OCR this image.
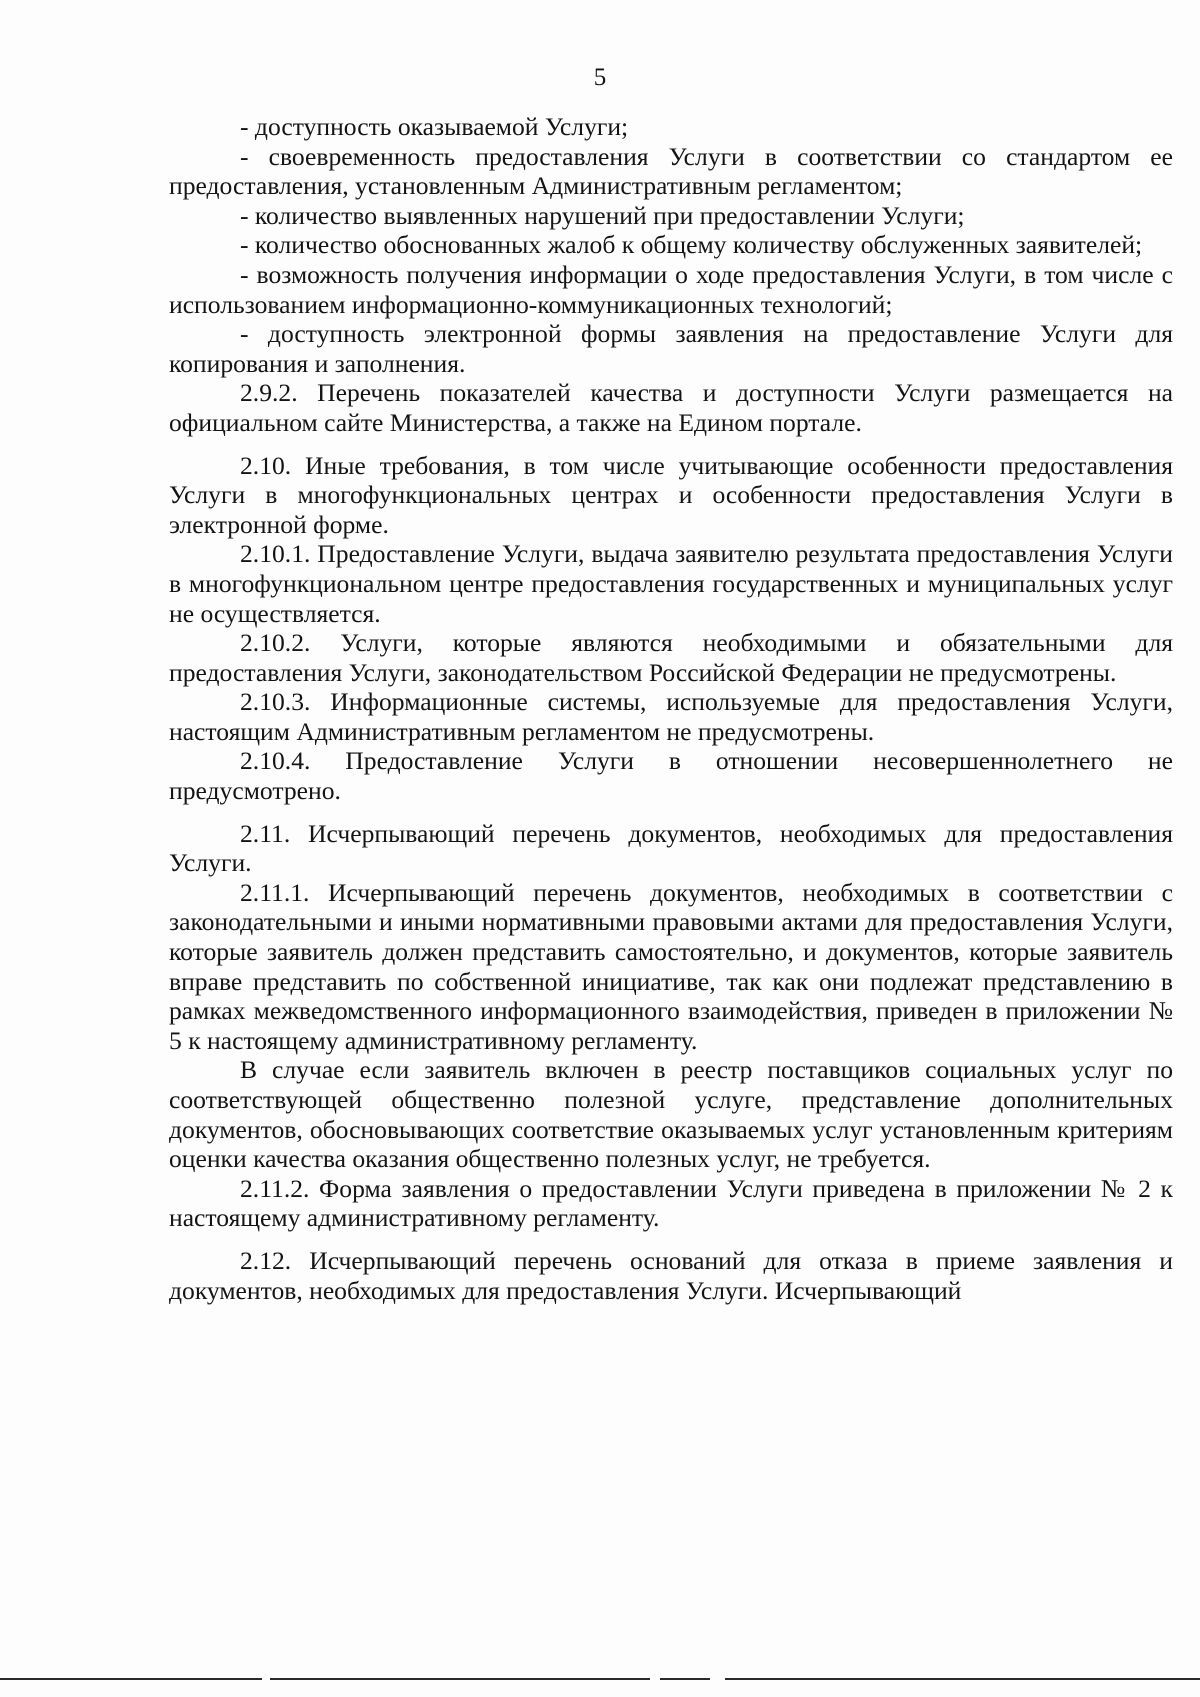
5

- доступность оказываемой Услуги;

- своевременность предоставления Услуги в соответствии со стандартом ее предоставления, установленным Административным регламентом;

- количество выявленных нарушений при предоставлении Услуги;

- количество обоснованных жалоб к общему количеству обслуженных заявителей;

- возможность получения информации о ходе предоставления Услуги, в том числе с использованием информационно-коммуникационных технологий;

- доступность электронной формы заявления на предоставление Услуги для копирования и заполнения.

2.9.2. Перечень показателей качества и доступности Услуги размещается на официальном сайте Министерства, а также на Едином портале.

2.10. Иные требования, в том числе учитывающие особенности предоставления Услуги в многофункциональных центрах и особенности предоставления Услуги в электронной форме.

2.10.1. Предоставление Услуги, выдача заявителю результата предоставления Услуги в многофункциональном центре предоставления государственных и муниципальных услуг не осуществляется.

2.10.2. Услуги, которые являются необходимыми и обязательными для предоставления Услуги, законодательством Российской Федерации не предусмотрены.

2.10.3. Информационные системы, используемые для предоставления Услуги, настоящим Административным регламентом не предусмотрены.

2.10.4. Предоставление Услуги в отношении несовершеннолетнего не предусмотрено.

2.11. Исчерпывающий перечень документов, необходимых для предоставления Услуги.

2.11.1. Исчерпывающий перечень документов, необходимых в соответствии с законодательными и иными нормативными правовыми актами для предоставления Услуги, которые заявитель должен представить самостоятельно, и документов, которые заявитель вправе представить по собственной инициативе, так как они подлежат представлению в рамках межведомственного информационного взаимодействия, приведен в приложении № 5 к настоящему административному регламенту.

В случае если заявитель включен в реестр поставщиков социальных услуг по соответствующей общественно полезной услуге, представление дополнительных документов, обосновывающих соответствие оказываемых услуг установленным критериям оценки качества оказания общественно полезных услуг, не требуется.

2.11.2. Форма заявления о предоставлении Услуги приведена в приложении № 2 к настоящему административному регламенту.

2.12. Исчерпывающий перечень оснований для отказа в приеме заявления и документов, необходимых для предоставления Услуги. Исчерпывающий
